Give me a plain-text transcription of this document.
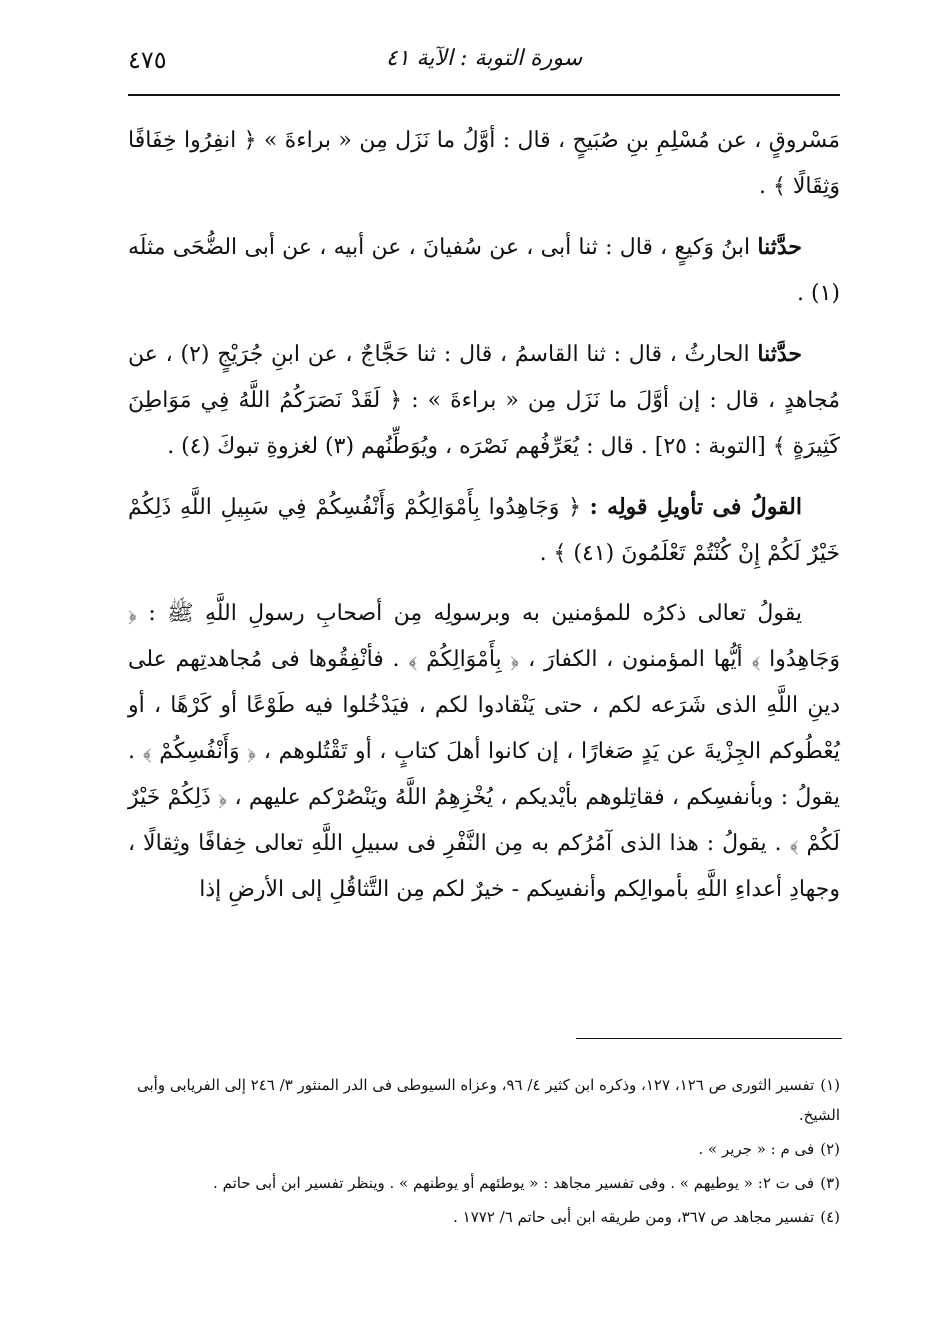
سورة التوبة : الآية ٤١
٤٧٥

مَسْروقٍ ، عن مُسْلِمِ بنِ صُبَيحٍ ، قال : أوَّلُ ما نَزَل مِن « براءةَ » ﴿ انفِرُوا خِفَافًا وَثِقَالًا ﴾ .

حدَّثنا ابنُ وَكيعٍ ، قال : ثنا أبى ، عن سُفيانَ ، عن أبيه ، عن أبى الضُّحَى مثلَه (١) .

حدَّثنا الحارثُ ، قال : ثنا القاسمُ ، قال : ثنا حَجَّاجٌ ، عن ابنِ جُرَيْجٍ (٢) ، عن مُجاهدٍ ، قال : إن أوَّلَ ما نَزَل مِن « براءةَ » : ﴿ لَقَدْ نَصَرَكُمُ اللَّهُ فِي مَوَاطِنَ كَثِيرَةٍ ﴾ [التوبة : ٢٥] . قال : يُعَرِّفُهم نَصْرَه ، ويُوَطِّنُهم (٣) لغزوةِ تبوكَ (٤) .

القولُ فى تأويلِ قولِه : ﴿ وَجَاهِدُوا بِأَمْوَالِكُمْ وَأَنْفُسِكُمْ فِي سَبِيلِ اللَّهِ ذَلِكُمْ خَيْرٌ لَكُمْ إِنْ كُنْتُمْ تَعْلَمُونَ (٤١) ﴾ .

يقولُ تعالى ذكرُه للمؤمنين به وبرسولِه مِن أصحابِ رسولِ اللَّهِ ﷺ : ﴿ وَجَاهِدُوا ﴾ أيُّها المؤمنون ، الكفارَ ، ﴿ بِأَمْوَالِكُمْ ﴾ . فأنْفِقُوها فى مُجاهدتِهم على دينِ اللَّهِ الذى شَرَعه لكم ، حتى يَنْقادوا لكم ، فيَدْخُلوا فيه طَوْعًا أو كَرْهًا ، أو يُعْطُوكم الجِزْيةَ عن يَدٍ صَغارًا ، إن كانوا أهلَ كتابٍ ، أو تَقْتُلوهم ، ﴿ وَأَنْفُسِكُمْ ﴾ . يقولُ : وبأنفسِكم ، فقاتِلوهم بأيْديكم ، يُخْزِهِمُ اللَّهُ ويَنْصُرْكم عليهم ، ﴿ ذَلِكُمْ خَيْرٌ لَكُمْ ﴾ . يقولُ : هذا الذى آمُرُكم به مِن النَّفْرِ فى سبيلِ اللَّهِ تعالى خِفافًا وثِقالًا ، وجهادِ أعداءِ اللَّهِ بأموالِكم وأنفسِكم - خيرٌ لكم مِن التَّثاقُلِ إلى الأرضِ إذا

(١)تفسير الثورى ص ١٢٦، ١٢٧، وذكره ابن كثير ٤/ ٩٦، وعزاه السيوطى فى الدر المنثور ٣/ ٢٤٦ إلى الفريابى وأبى الشيخ.
(٢)فى م : « جرير » .
(٣)فى ت ٢: « يوطيهم » . وفى تفسير مجاهد : « يوطئهم أو يوطنهم » . وينظر تفسير ابن أبى حاتم .
(٤)تفسير مجاهد ص ٣٦٧، ومن طريقه ابن أبى حاتم ٦/ ١٧٧٢ .
